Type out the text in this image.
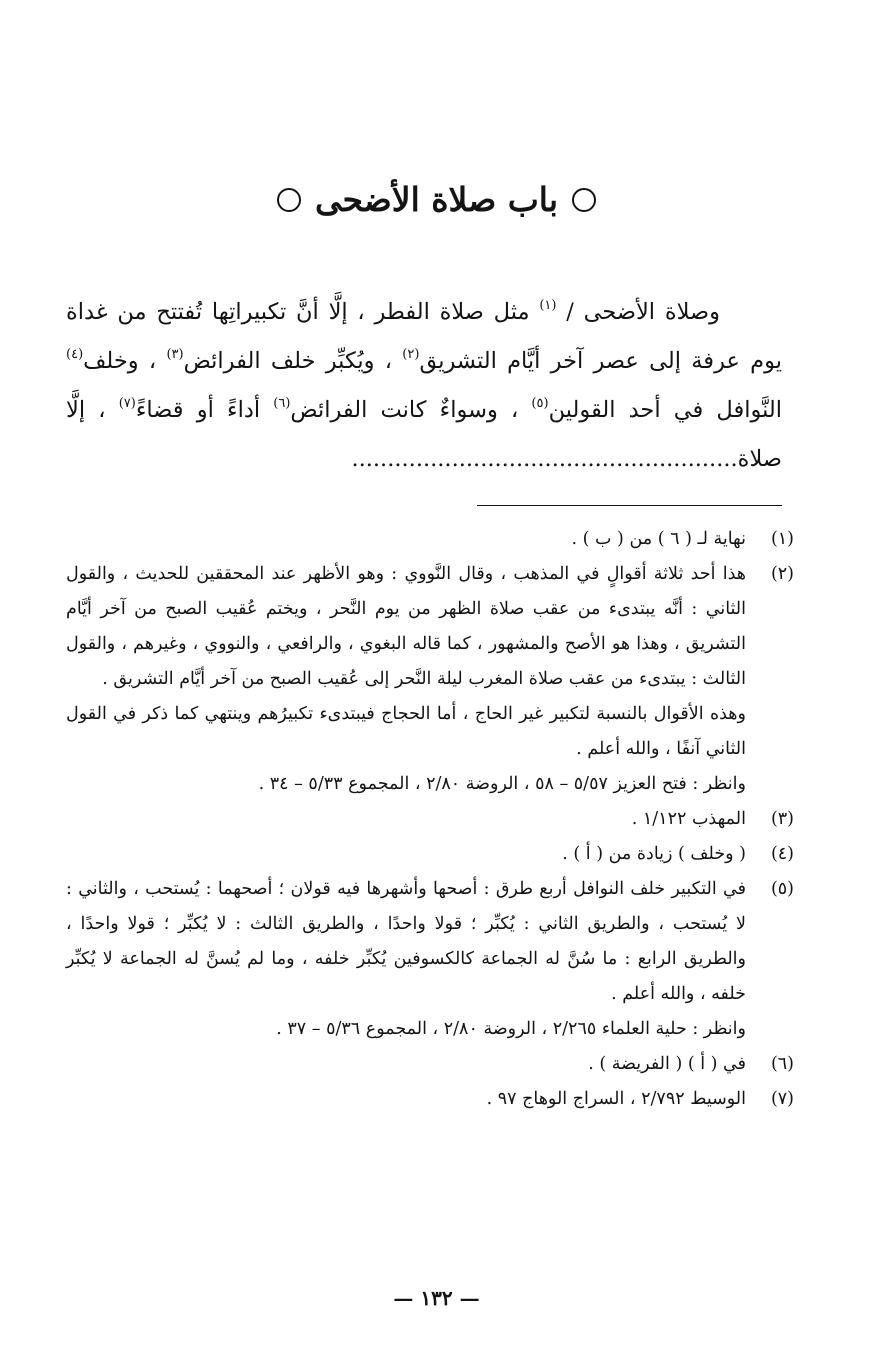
باب صلاة الأضحى

وصلاة الأضحى / $^{(١)}$ مثل صلاة الفطر ، إلَّا أنَّ تكبيراتِها تُفتتح من غداة يوم عرفة إلى عصر آخر أيَّام التشريق$^{(٢)}$ ، ويُكبِّر خلف الفرائض$^{(٣)}$ ، وخلف$^{(٤)}$ النَّوافل في أحد القولين$^{(٥)}$ ، وسواءٌ كانت الفرائض$^{(٦)}$ أداءً أو قضاءً$^{(٧)}$ ، إلَّا صلاة......................................................

(١)

نهاية لـ ( ٦ ) من ( ب ) .

(٢)

هذا أحد ثلاثة أقوالٍ في المذهب ، وقال النَّووي : وهو الأظهر عند المحققين للحديث ، والقول الثاني : أنَّه يبتدىء من عقب صلاة الظهر من يوم النَّحر ، ويختم عُقيب الصبح من آخر أيَّام التشريق ، وهذا هو الأصح والمشهور ، كما قاله البغوي ، والرافعي ، والنووي ، وغيرهم ، والقول الثالث : يبتدىء من عقب صلاة المغرب ليلة النَّحر إلى عُقيب الصبح من آخر أيَّام التشريق .

وهذه الأقوال بالنسبة لتكبير غير الحاج ، أما الحجاج فيبتدىء تكبيرُهم وينتهي كما ذكر في القول الثاني آنفًا ، والله أعلم .

وانظر : فتح العزيز ٥/٥٧ – ٥٨ ، الروضة ٢/٨٠ ، المجموع ٥/٣٣ – ٣٤ .

(٣)

المهذب ١/١٢٢ .

(٤)

( وخلف ) زيادة من ( أ ) .

(٥)

في التكبير خلف النوافل أربع طرق : أصحها وأشهرها فيه قولان ؛ أصحهما : يُستحب ، والثاني : لا يُستحب ، والطريق الثاني : يُكبِّر ؛ قولا واحدًا ، والطريق الثالث : لا يُكبِّر ؛ قولا واحدًا ، والطريق الرابع : ما سُنَّ له الجماعة كالكسوفين يُكبِّر خلفه ، وما لم يُسنَّ له الجماعة لا يُكبِّر خلفه ، والله أعلم .

وانظر : حلية العلماء ٢/٢٦٥ ، الروضة ٢/٨٠ ، المجموع ٥/٣٦ – ٣٧ .

(٦)

في ( أ ) ( الفريضة ) .

(٧)

الوسيط ٢/٧٩٢ ، السراج الوهاج ٩٧ .

— ١٣٢ —
